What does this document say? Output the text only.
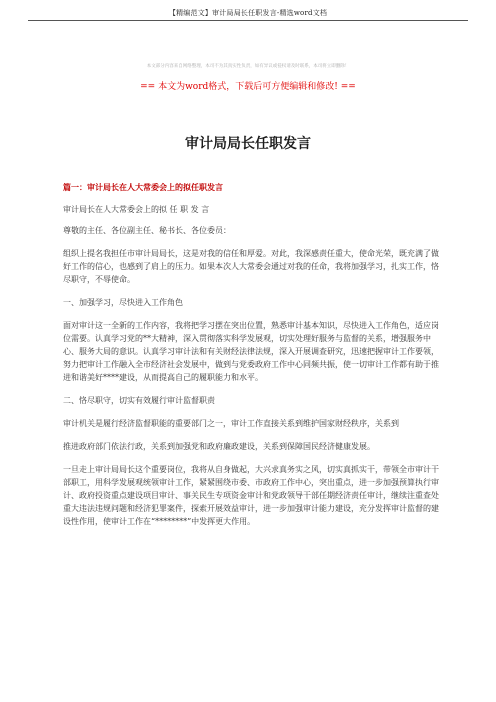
【精编范文】审计局局长任职发言-精选word文档
本文部分内容来自网络整理，本司不为其真实性负责，如有异议或侵权请及时联系，本司将立即删除！
== 本文为word格式，下载后可方便编辑和修改! ==
审计局局长任职发言

篇一：审计局长在人大常委会上的拟任职发言

审计局长在人大常委会上的拟 任 职 发 言

尊敬的主任、各位副主任、秘书长、各位委员：

组织上提名我担任市审计局局长，这是对我的信任和厚爱。对此，我深感责任重大，使命光荣，既充满了做好工作的信心，也感到了肩上的压力。如果本次人大常委会通过对我的任命，我将加强学习，扎实工作，恪尽职守，不辱使命。

一、加强学习，尽快进入工作角色

面对审计这一全新的工作内容，我将把学习摆在突出位置，熟悉审计基本知识，尽快进入工作角色，适应岗位需要。认真学习党的**大精神，深入贯彻落实科学发展观，切实处理好服务与监督的关系，增强服务中心、服务大局的意识。认真学习审计法和有关财经法律法规，深入开展调查研究，迅速把握审计工作要领，努力把审计工作融入全市经济社会发展中，做到与党委政府工作中心同频共振，使一切审计工作都有助于推进和谐美好****建设，从而提高自己的履职能力和水平。

二、恪尽职守，切实有效履行审计监督职责

审计机关是履行经济监督职能的重要部门之一，审计工作直接关系到维护国家财经秩序，关系到

推进政府部门依法行政，关系到加强党和政府廉政建设，关系到保障国民经济健康发展。

一旦走上审计局局长这个重要岗位，我将从自身做起，大兴求真务实之风，切实真抓实干，带领全市审计干部职工，用科学发展观统领审计工作，紧紧围绕市委、市政府工作中心，突出重点，进一步加强预算执行审计、政府投资重点建设项目审计、事关民生专项资金审计和党政领导干部任期经济责任审计，继续注重查处重大违法违规问题和经济犯罪案件，探索开展效益审计，进一步加强审计能力建设，充分发挥审计监督的建设性作用，使审计工作在“********”中发挥更大作用。
